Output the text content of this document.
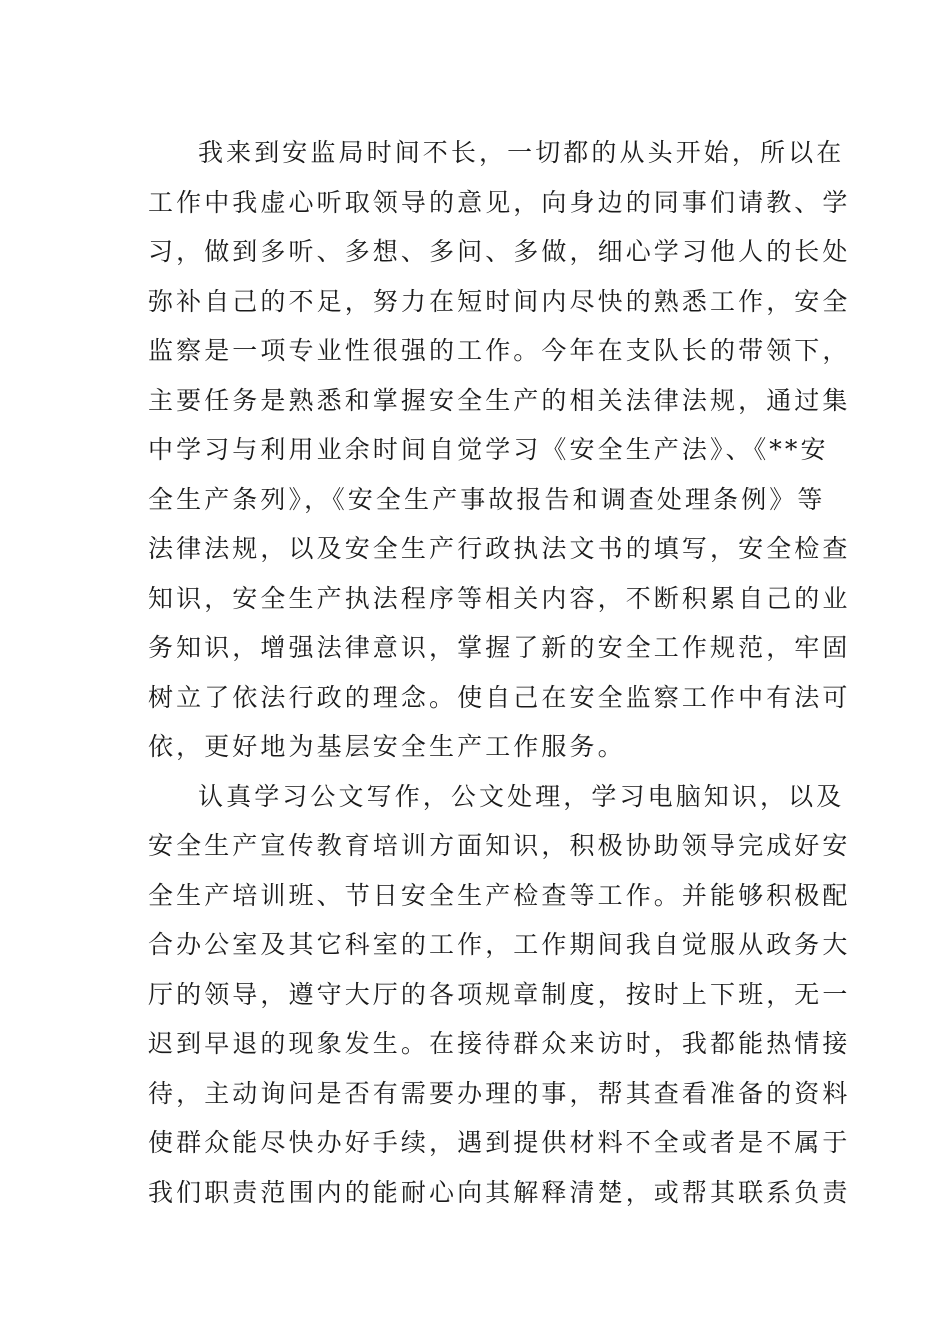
我来到安监局时间不长，一切都的从头开始，所以在
工作中我虚心听取领导的意见，向身边的同事们请教、学
习，做到多听、多想、多问、多做，细心学习他人的长处
弥补自己的不足，努力在短时间内尽快的熟悉工作，安全
监察是一项专业性很强的工作。今年在支队长的带领下，
主要任务是熟悉和掌握安全生产的相关法律法规，通过集
中学习与利用业余时间自觉学习《安全生产法》、《**安
全生产条列》，《安全生产事故报告和调查处理条例》等
法律法规，以及安全生产行政执法文书的填写，安全检查
知识，安全生产执法程序等相关内容，不断积累自己的业
务知识，增强法律意识，掌握了新的安全工作规范，牢固
树立了依法行政的理念。使自己在安全监察工作中有法可
依，更好地为基层安全生产工作服务。
认真学习公文写作，公文处理，学习电脑知识，以及
安全生产宣传教育培训方面知识，积极协助领导完成好安
全生产培训班、节日安全生产检查等工作。并能够积极配
合办公室及其它科室的工作，工作期间我自觉服从政务大
厅的领导，遵守大厅的各项规章制度，按时上下班，无一
迟到早退的现象发生。在接待群众来访时，我都能热情接
待，主动询问是否有需要办理的事，帮其查看准备的资料
使群众能尽快办好手续，遇到提供材料不全或者是不属于
我们职责范围内的能耐心向其解释清楚，或帮其联系负责
